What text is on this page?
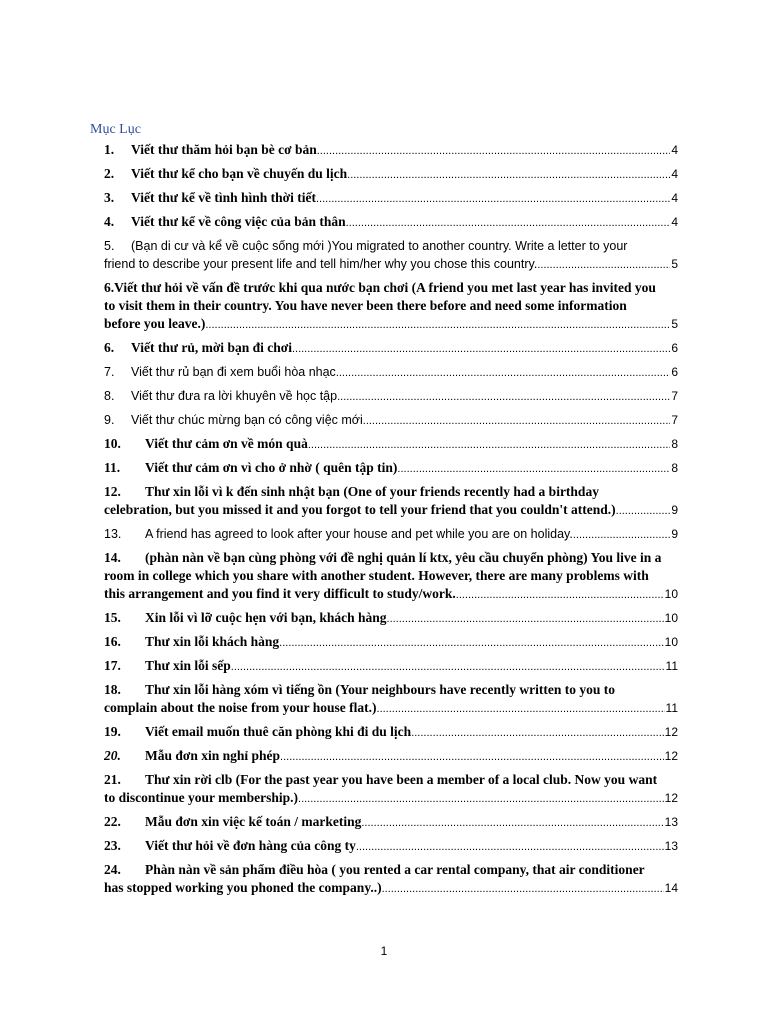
Mục Lục
1.	Viết thư thăm hỏi bạn bè cơ bản .....	4
2.	Viết thư kể cho bạn về chuyến du lịch .....	4
3.	Viết thư kể về tình hình thời tiết .....	4
4.	Viết thư kể về công việc của bản thân .....	4
5.	(Bạn di cư và kể về cuộc sống mới )You migrated to another country. Write a letter to your
friend to describe your present life and tell him/her why you chose this country. .....	5
6.Viết thư hỏi về vấn đề trước khi qua nước bạn chơi (A friend you met last year has invited you
to visit them in their country. You have never been there before and need some information
before you leave.) .....	5
6.	Viết thư rủ, mời bạn đi chơi .....	6
7.	Viết thư rủ bạn đi xem buổi hòa nhạc .....	6
8.	Viết thư đưa ra lời khuyên về học tập .....	7
9.	Viết thư chúc mừng bạn có công việc mới .....	7
10.	Viết thư cảm ơn về món quà .....	8
11.	Viết thư cảm ơn vì cho ở nhờ ( quên tập tin) .....	8
12.	Thư xin lỗi vì k đến sinh nhật bạn (One of your friends recently had a birthday
celebration, but you missed it and you forgot to tell your friend that you couldn't attend.) .....	9
13.	A friend has agreed to look after your house and pet while you are on holiday. .....	9
14.	(phàn nàn về bạn cùng phòng với đề nghị quản lí ktx, yêu cầu chuyển phòng) You live in a
room in college which you share with another student. However, there are many problems with
this arrangement and you find it very difficult to study/work. .....	10
15.	Xin lỗi vì lỡ cuộc hẹn với bạn, khách hàng .....	10
16.	Thư xin lỗi khách hàng .....	10
17.	Thư xin lỗi sếp .....	11
18.	Thư xin lỗi hàng xóm vì tiếng ồn (Your neighbours have recently written to you to
complain about the noise from your house flat.) .....	11
19.	Viết email muốn thuê căn phòng khi đi du lịch .....	12
20.	Mẫu đơn xin nghỉ phép .....	12
21.	Thư xin rời clb (For the past year you have been a member of a local club. Now you want
to discontinue your membership.) .....	12
22.	Mẫu đơn xin việc kế toán / marketing .....	13
23.	Viết thư hỏi về đơn hàng của công ty .....	13
24.	Phàn nàn về sản phẩm điều hòa ( you rented a car rental company, that air conditioner
has stopped working you phoned the company..) .....	14
1
